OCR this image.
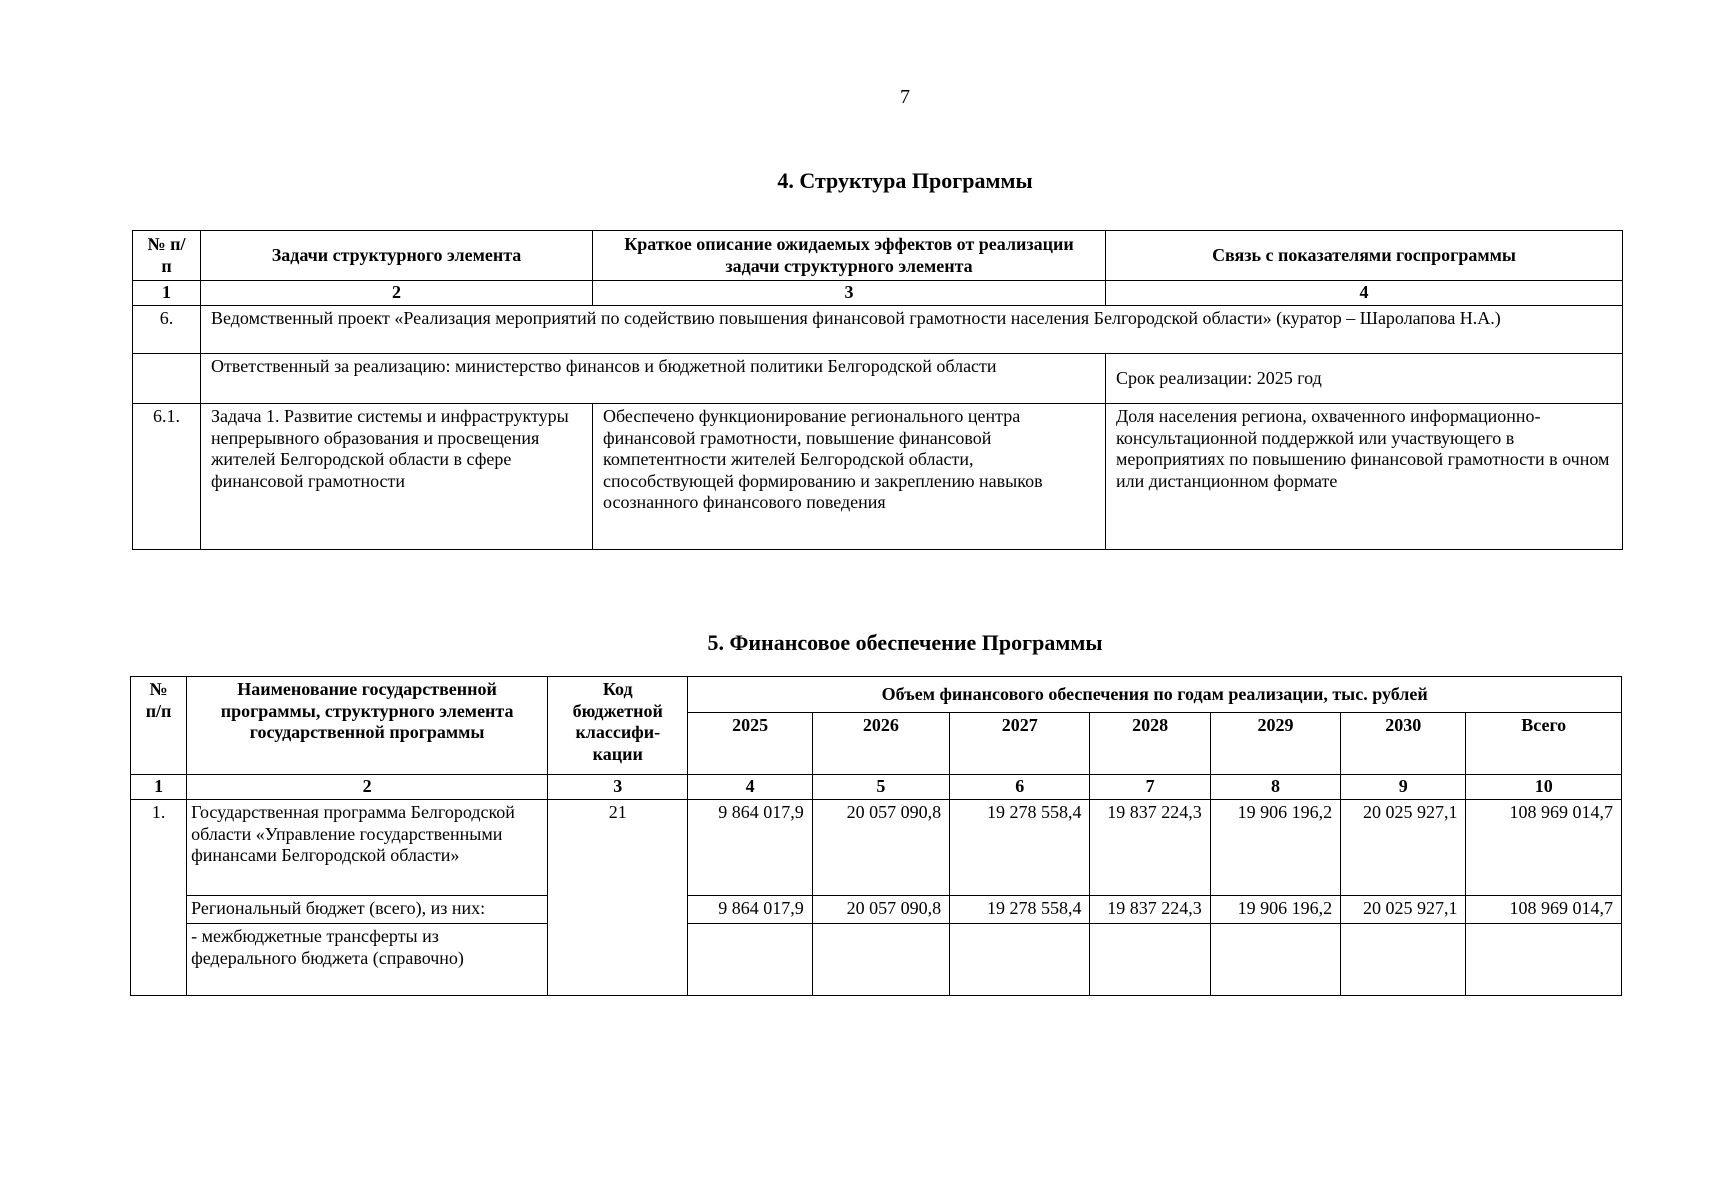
7
4. Структура Программы
№ п/п	Задачи структурного элемента	Краткое описание ожидаемых эффектов от реализации задачи структурного элемента	Связь с показателями госпрограммы
1	2	3	4
6.	Ведомственный проект «Реализация мероприятий по содействию повышения финансовой грамотности населения Белгородской области» (куратор – Шаролапова Н.А.)		
	Ответственный за реализацию: министерство финансов и бюджетной политики Белгородской области		Срок реализации: 2025 год
6.1.	Задача 1. Развитие системы и инфраструктуры непрерывного образования и просвещения жителей Белгородской области в сфере финансовой грамотности	Обеспечено функционирование регионального центра финансовой грамотности, повышение финансовой компетентности жителей Белгородской области, способствующей формированию и закреплению навыков осознанного финансового поведения	Доля населения региона, охваченного информационно-консультационной поддержкой или участвующего в мероприятиях по повышению финансовой грамотности в очном или дистанционном формате
5. Финансовое обеспечение Программы
№ п/п	Наименование государственной программы, структурного элемента государственной программы	Код бюджетной классифи-кации	Объем финансового обеспечения по годам реализации, тыс. рублей						
			2025	2026	2027	2028	2029	2030	Всего
1	2	3	4	5	6	7	8	9	10
1.	Государственная программа Белгородской области «Управление государственными финансами Белгородской области»	21	9 864 017,9	20 057 090,8	19 278 558,4	19 837 224,3	19 906 196,2	20 025 927,1	108 969 014,7
	Региональный бюджет (всего), из них:		9 864 017,9	20 057 090,8	19 278 558,4	19 837 224,3	19 906 196,2	20 025 927,1	108 969 014,7
	- межбюджетные трансферты из федерального бюджета (справочно)								
